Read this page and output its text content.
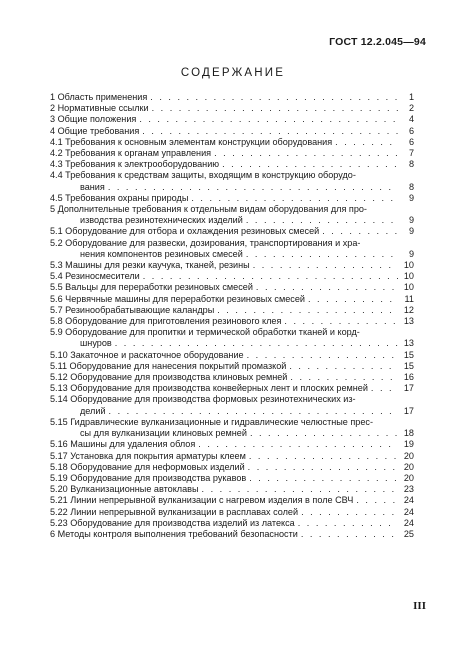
ГОСТ 12.2.045—94
СОДЕРЖАНИЕ
1 Область применения . . .	1
2 Нормативные ссылки . . .	2
3 Общие положения . . .	4
4 Общие требования . . .	6
4.1 Требования к основным элементам конструкции оборудования . . .	6
4.2 Требования к органам управления . . .	7
4.3 Требования к электрооборудованию . . .	8
4.4 Требования к средствам защиты, входящим в конструкцию оборудо-
вания . . .	8
4.5 Требования охраны природы . . .	9
5 Дополнительные требования к отдельным видам оборудования для про-
изводства резинотехнических изделий . . .	9
5.1 Оборудование для отбора и охлаждения резиновых смесей . . .	9
5.2 Оборудование для развески, дозирования, транспортирования и хра-
нения компонентов резиновых смесей . . .	9
5.3 Машины для резки каучука, тканей, резины . . .	10
5.4 Резиносмесители . . .	10
5.5 Вальцы для переработки резиновых смесей . . .	10
5.6 Червячные машины для переработки резиновых смесей . . .	11
5.7 Резинообрабатывающие каландры . . .	12
5.8 Оборудование для приготовления резинового клея . . .	13
5.9 Оборудование для пропитки и термической обработки тканей и корд-
шнуров . . .	13
5.10 Закаточное и раскаточное оборудование . . .	15
5.11 Оборудование для нанесения покрытий промазкой . . .	15
5.12 Оборудование для производства клиновых ремней . . .	16
5.13 Оборудование для производства конвейерных лент и плоских ремней . . .	17
5.14 Оборудование для производства формовых резинотехнических из-
делий . . .	17
5.15 Гидравлические вулканизационные и гидравлические челюстные прес-
сы для вулканизации клиновых ремней . . .	18
5.16 Машины для удаления облоя . . .	19
5.17 Установка для покрытия арматуры клеем . . .	20
5.18 Оборудование для неформовых изделий . . .	20
5.19 Оборудование для производства рукавов . . .	20
5.20 Вулканизационные автоклавы . . .	23
5.21 Линии непрерывной вулканизации с нагревом изделия в поле СВЧ . . .	24
5.22 Линии непрерывной вулканизации в расплавах солей . . .	24
5.23 Оборудование для производства изделий из латекса . . .	24
6 Методы контроля выполнения требований безопасности . . .	25
III
